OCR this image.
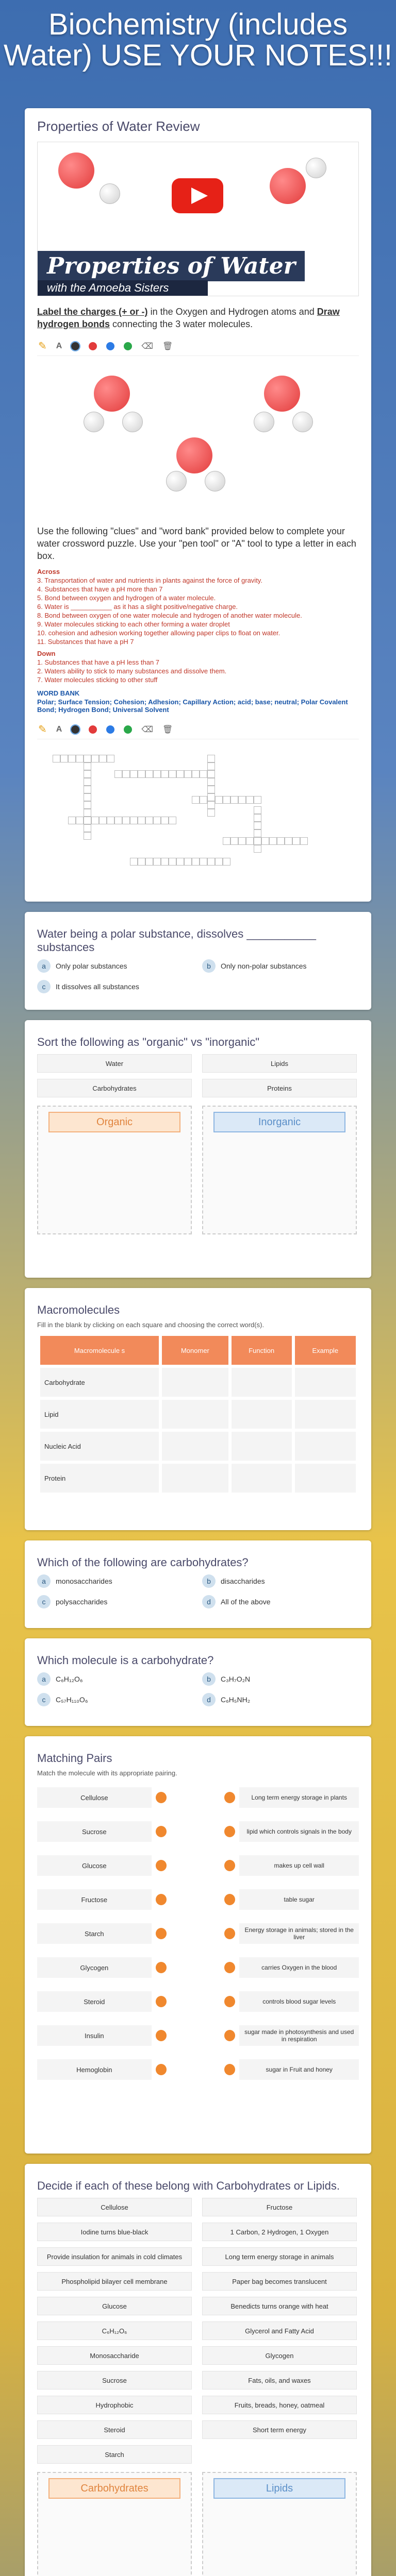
Biochemistry (includes Water) USE YOUR NOTES!!!
Properties of Water Review
Properties of Water
with the Amoeba Sisters
Label the charges (+ or -) in the Oxygen and Hydrogen atoms and Draw hydrogen bonds connecting the 3 water molecules.
✎ A	⌫ 🗑
Use the following "clues" and "word bank" provided below to complete your water crossword puzzle. Use your "pen tool" or "A" tool to type a letter in each box.
Across
3. Transportation of water and nutrients in plants against the force of gravity.
4. Substances that have a pH more than 7
5. Bond between oxygen and hydrogen of a water molecule.
6. Water is ___________ as it has a slight positive/negative charge.
8. Bond between oxygen of one water molecule and hydrogen of another water molecule.
9. Water molecules sticking to each other forming a water droplet
10. cohesion and adhesion working together allowing paper clips to float on water.
11. Substances that have a pH 7
Down
1. Substances that have a pH less than 7
2. Waters ability to stick to many substances and dissolve them.
7. Water molecules sticking to other stuff
WORD BANK
Polar; Surface Tension; Cohesion; Adhesion; Capillary Action; acid; base; neutral; Polar Covalent Bond; Hydrogen Bond; Universal Solvent
✎ A	⌫ 🗑
Water being a polar substance, dissolves ___________ substances
a	Only polar substances	b	Only non-polar substances
c	It dissolves all substances
Sort the following as "organic" vs "inorganic"
Water	Lipids
Carbohydrates	Proteins
Organic	Inorganic
Macromolecules
Fill in the blank by clicking on each square and choosing the correct word(s).
Macromolecule s	Monomer	Function	Example
Carbohydrate			
Lipid			
Nucleic Acid			
Protein			
Which of the following are carbohydrates?
a	monosaccharides	b	disaccharides
c	polysaccharides	d	All of the above
Which molecule is a carbohydrate?
a	C₆H₁₂O₆	b	C₃H₇O₂N
c	C₅₇H₁₁₀O₆	d	C₆H₅NH₂
Matching Pairs
Match the molecule with its appropriate pairing.
Cellulose	Long term energy storage in plants
Sucrose	lipid which controls signals in the body
Glucose	makes up cell wall
Fructose	table sugar
Starch	Energy storage in animals; stored in the liver
Glycogen	carries Oxygen in the blood
Steroid	controls blood sugar levels
Insulin	sugar made in photosynthesis and used in respiration
Hemoglobin	sugar in Fruit and honey
Decide if each of these belong with Carbohydrates or Lipids.
Cellulose	Fructose
Iodine turns blue-black	1 Carbon, 2 Hydrogen, 1 Oxygen
Provide insulation for animals in cold climates	Long term energy storage in animals
Phospholipid bilayer cell membrane	Paper bag becomes translucent
Glucose	Benedicts turns orange with heat
C₆H₁₂O₆	Glycerol and Fatty Acid
Monosaccharide	Glycogen
Sucrose	Fats, oils, and waxes
Hydrophobic	Fruits, breads, honey, oatmeal
Steroid	Short term energy
Starch
Carbohydrates	Lipids
